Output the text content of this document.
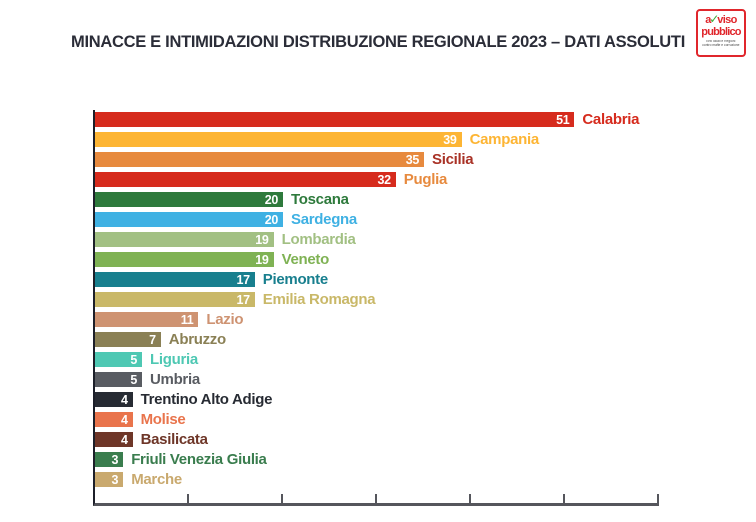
MINACCE E INTIMIDAZIONI DISTRIBUZIONE REGIONALE 2023 – DATI ASSOLUTI
a✓viso
pubblico
Enti locali e Regioni
contro mafie e corruzione
51 Calabria
39 Campania
35 Sicilia
32 Puglia
20 Toscana
20 Sardegna
19 Lombardia
19 Veneto
17 Piemonte
17 Emilia Romagna
11 Lazio
7 Abruzzo
5 Liguria
5 Umbria
4 Trentino Alto Adige
4 Molise
4 Basilicata
3 Friuli Venezia Giulia
3 Marche
